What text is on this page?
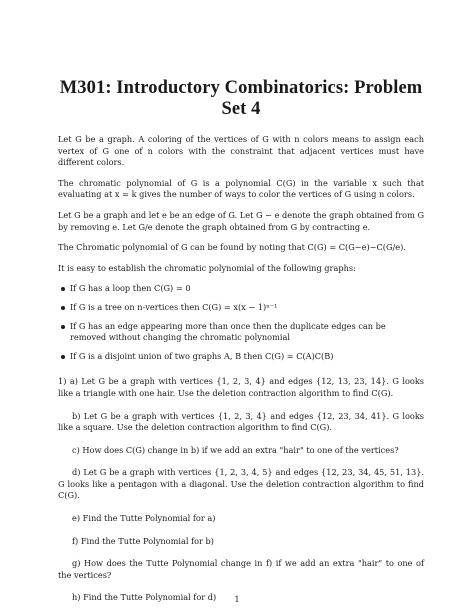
M301: Introductory Combinatorics: Problem Set 4

Let G be a graph. A coloring of the vertices of G with n colors means to assign each vertex of G one of n colors with the constraint that adjacent vertices must have different colors.

The chromatic polynomial of G is a polynomial C(G) in the variable x such that evaluating at x = k gives the number of ways to color the vertices of G using n colors.

Let G be a graph and let e be an edge of G. Let G − e denote the graph obtained from G by removing e. Let G/e denote the graph obtained from G by contracting e.

The Chromatic polynomial of G can be found by noting that C(G) = C(G−e)−C(G/e).

It is easy to establish the chromatic polynomial of the following graphs:

If G has a loop then C(G) = 0
If G is a tree on n-vertices then C(G) = x(x − 1)ⁿ⁻¹
If G has an edge appearing more than once then the duplicate edges can be removed without changing the chromatic polynomial
If G is a disjoint union of two graphs A, B then C(G) = C(A)C(B)

1) a) Let G be a graph with vertices {1, 2, 3, 4} and edges {12, 13, 23, 14}. G looks like a triangle with one hair. Use the deletion contraction algorithm to find C(G).

b) Let G be a graph with vertices {1, 2, 3, 4} and edges {12, 23, 34, 41}. G looks like a square. Use the deletion contraction algorithm to find C(G).

c) How does C(G) change in b) if we add an extra "hair" to one of the vertices?

d) Let G be a graph with vertices {1, 2, 3, 4, 5} and edges {12, 23, 34, 45, 51, 13}. G looks like a pentagon with a diagonal. Use the deletion contraction algorithm to find C(G).

e) Find the Tutte Polynomial for a)

f) Find the Tutte Polynomial for b)

g) How does the Tutte Polynomial change in f) if we add an extra "hair" to one of the vertices?

h) Find the Tutte Polynomial for d)	1
